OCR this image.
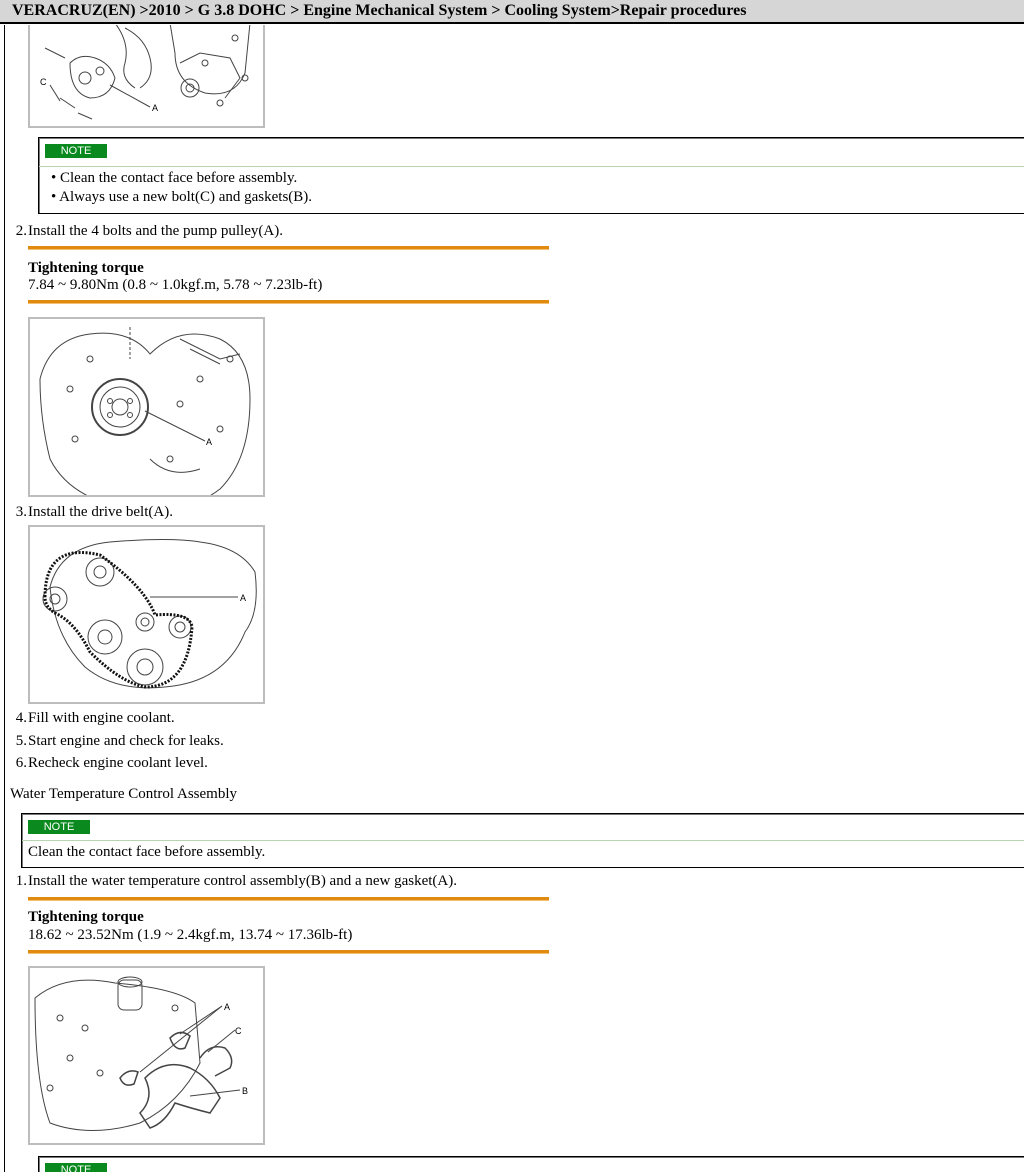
VERACRUZ(EN) >2010 > G 3.8 DOHC > Engine Mechanical System > Cooling System>Repair procedures
C
A
NOTE
• Clean the contact face before assembly.
• Always use a new bolt(C) and gaskets(B).
2. Install the 4 bolts and the pump pulley(A).
Tightening torque
7.84 ~ 9.80Nm (0.8 ~ 1.0kgf.m, 5.78 ~ 7.23lb-ft)
A
3. Install the drive belt(A).
A
4. Fill with engine coolant.
5. Start engine and check for leaks.
6. Recheck engine coolant level.
Water Temperature Control Assembly
NOTE
Clean the contact face before assembly.
1. Install the water temperature control assembly(B) and a new gasket(A).
Tightening torque
18.62 ~ 23.52Nm (1.9 ~ 2.4kgf.m, 13.74 ~ 17.36lb-ft)
A
C
B
NOTE
